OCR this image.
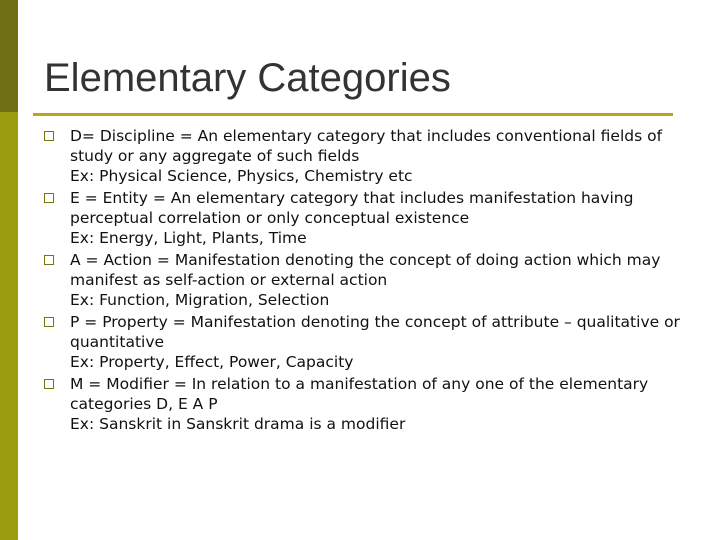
Elementary Categories
D= Discipline = An elementary category that includes conventional fields of study or any aggregate of such fields
Ex: Physical Science, Physics, Chemistry etc
E = Entity = An elementary category that includes manifestation having perceptual correlation or only conceptual existence
Ex: Energy, Light, Plants, Time
A = Action = Manifestation denoting the concept of doing action which may manifest as self-action or external action
Ex: Function, Migration, Selection
P = Property = Manifestation denoting the concept of attribute – qualitative or quantitative
Ex: Property, Effect, Power, Capacity
M = Modifier = In relation to a manifestation of any one of the elementary categories D, E A P
Ex: Sanskrit in Sanskrit drama is a modifier
